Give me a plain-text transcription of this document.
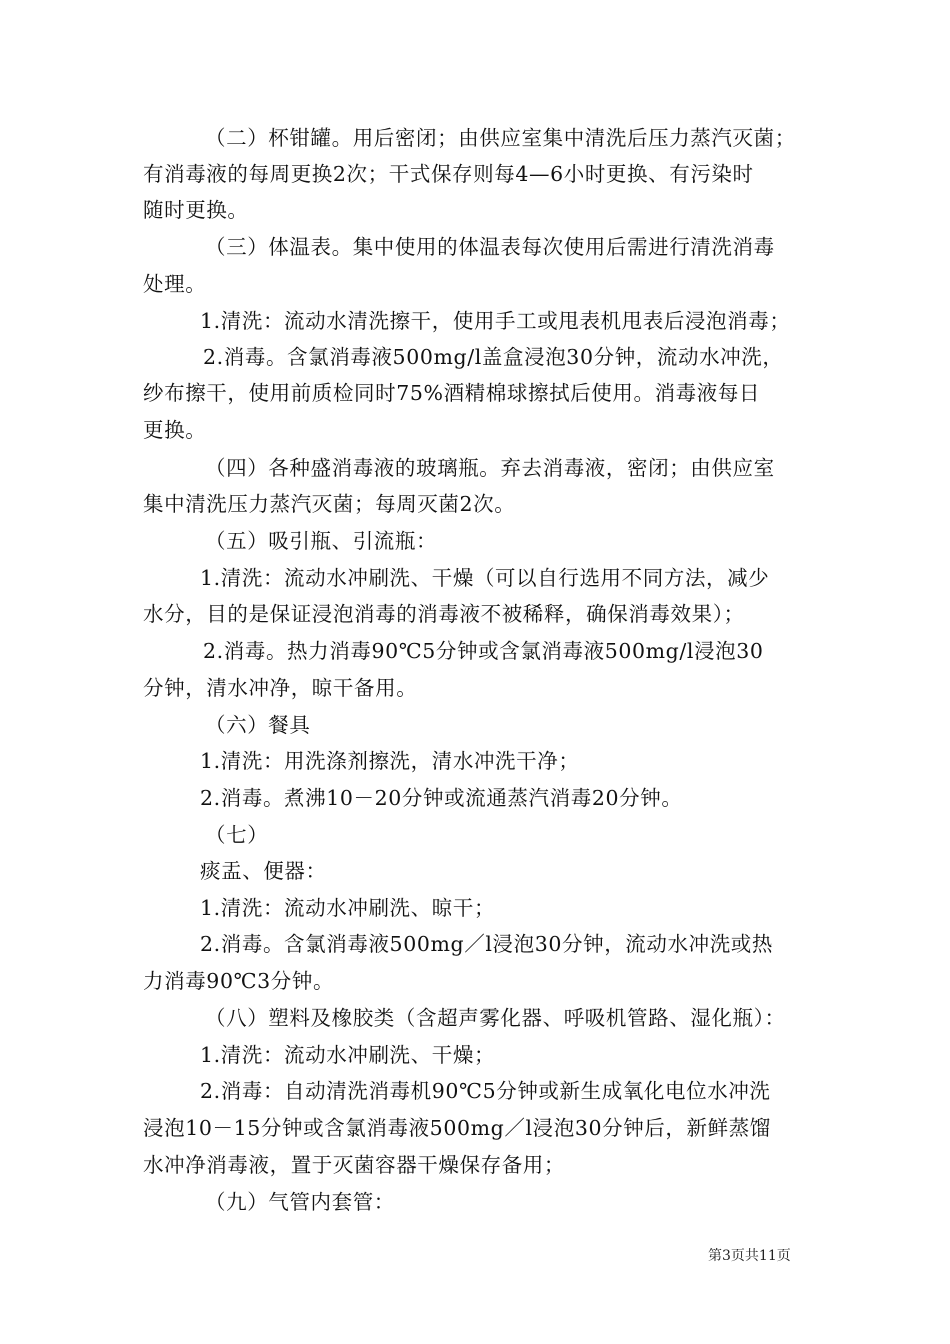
（二）杯钳罐。用后密闭；由供应室集中清洗后压力蒸汽灭菌；
有消毒液的每周更换2次；干式保存则每4—6小时更换、有污染时
随时更换。
（三）体温表。集中使用的体温表每次使用后需进行清洗消毒
处理。
1.清洗：流动水清洗擦干，使用手工或甩表机甩表后浸泡消毒；
2.消毒。含氯消毒液500mg/l盖盒浸泡30分钟，流动水冲洗，
纱布擦干，使用前质检同时75%酒精棉球擦拭后使用。消毒液每日
更换。
（四）各种盛消毒液的玻璃瓶。弃去消毒液，密闭；由供应室
集中清洗压力蒸汽灭菌；每周灭菌2次。
（五）吸引瓶、引流瓶：
1.清洗：流动水冲刷洗、干燥（可以自行选用不同方法，减少
水分，目的是保证浸泡消毒的消毒液不被稀释，确保消毒效果）；
2.消毒。热力消毒90℃5分钟或含氯消毒液500mg/l浸泡30
分钟，清水冲净，晾干备用。
（六）餐具
1.清洗：用洗涤剂擦洗，清水冲洗干净；
2.消毒。煮沸10－20分钟或流通蒸汽消毒20分钟。
（七）
痰盂、便器：
1.清洗：流动水冲刷洗、晾干；
2.消毒。含氯消毒液500mg／l浸泡30分钟，流动水冲洗或热
力消毒90℃3分钟。
（八）塑料及橡胶类（含超声雾化器、呼吸机管路、湿化瓶）：
1.清洗：流动水冲刷洗、干燥；
2.消毒：自动清洗消毒机90℃5分钟或新生成氧化电位水冲洗
浸泡10－15分钟或含氯消毒液500mg／l浸泡30分钟后，新鲜蒸馏
水冲净消毒液，置于灭菌容器干燥保存备用；
（九）气管内套管：
第3页共11页
